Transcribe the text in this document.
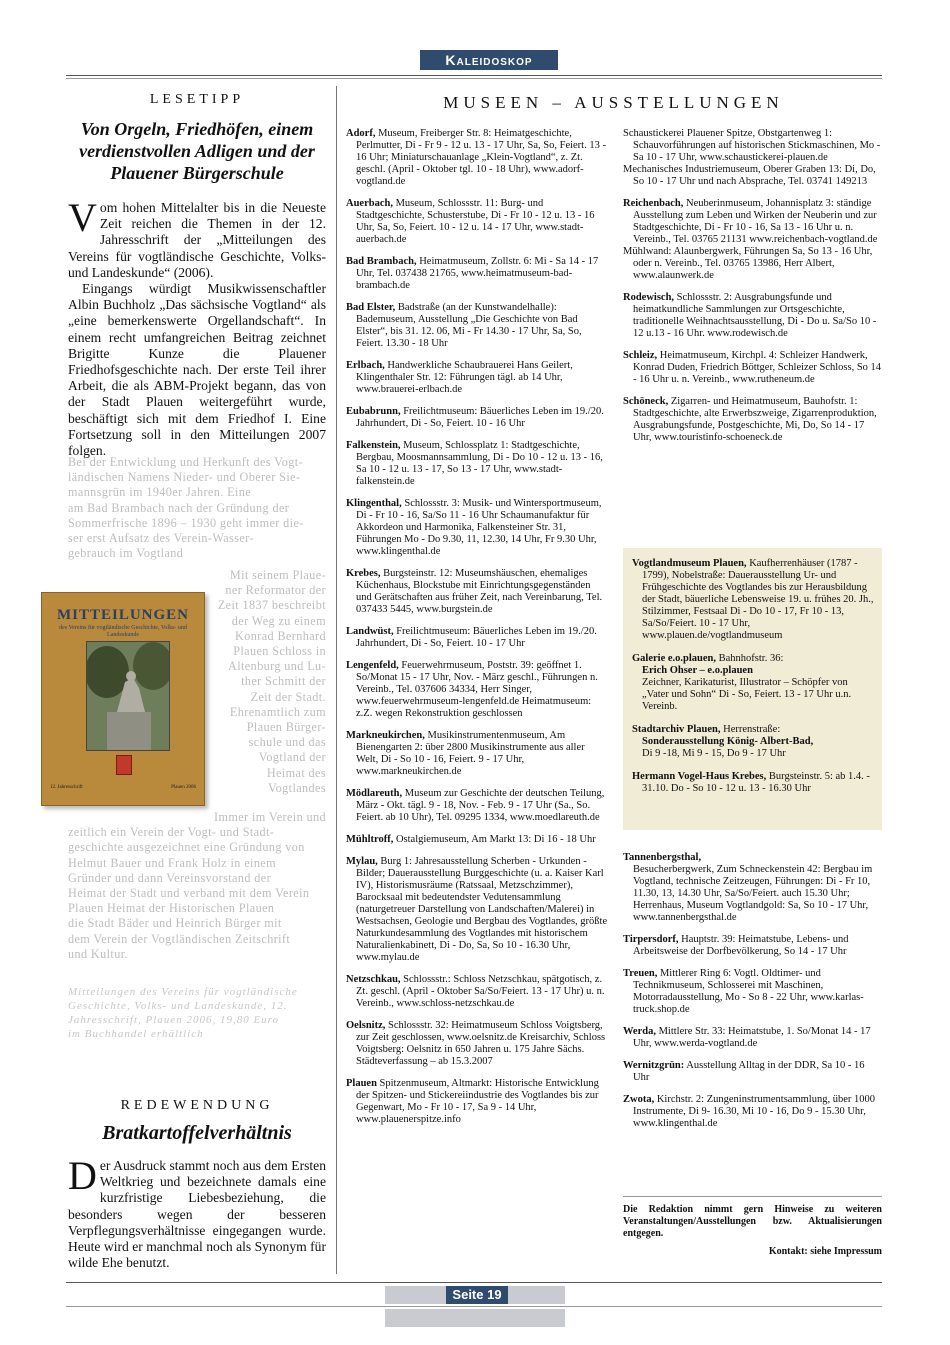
Kaleidoskop
LESETIPP
Von Orgeln, Friedhöfen, einem verdienstvollen Adligen und der Plauener Bürgerschule

Vom hohen Mittelalter bis in die Neueste Zeit reichen die Themen in der 12. Jahresschrift der „Mitteilungen des Vereins für vogtländische Geschichte, Volks- und Landeskunde“ (2006).

Eingangs würdigt Musikwissenschaftler Albin Buchholz „Das sächsische Vogtland“ als „eine bemerkenswerte Orgellandschaft“. In einem recht umfangreichen Beitrag zeichnet Brigitte Kunze die Plauener Friedhofsgeschichte nach. Der erste Teil ihrer Arbeit, die als ABM-Projekt begann, das von der Stadt Plauen weitergeführt wurde, beschäftigt sich mit dem Friedhof I. Eine Fortsetzung soll in den Mitteilungen 2007 folgen.

Bei der Entwicklung und Herkunft des Vogt-
ländischen Namens Nieder- und Oberer Sie-
mannsgrün im 1940er Jahren. Eine
am Bad Brambach nach der Gründung der
Sommerfrische 1896 – 1930 geht immer die-
ser erst Aufsatz des Verein-Wasser-
gebrauch im Vogtland
MITTEILUNGEN
des Vereins für vogtländische Geschichte, Volks- und Landeskunde
12. Jahresschrift	Plauen 2006
Mit seinem Plaue-
ner Reformator der
Zeit 1837 beschreibt
der Weg zu einem
Konrad Bernhard
Plauen Schloss in
Altenburg und Lu-
ther Schmitt der
Zeit der Stadt.
Ehrenamtlich zum
Plauen Bürger-
schule und das
Vogtland der
Heimat des
Vogtlandes
Immer im Verein und
zeitlich ein Verein der Vogt- und Stadt-
geschichte ausgezeichnet eine Gründung von
Helmut Bauer und Frank Holz in einem
Gründer und dann Vereinsvorstand der
Heimat der Stadt und verband mit dem Verein
Plauen Heimat der Historischen Plauen
die Stadt Bäder und Heinrich Bürger mit
dem Verein der Vogtländischen Zeitschrift
und Kultur.
Mitteilungen des Vereins für vogtländische
Geschichte, Volks- und Landeskunde, 12.
Jahresschrift, Plauen 2006, 19,80 Euro
im Buchhandel erhältlich
REDEWENDUNG
Bratkartoffelverhältnis

Der Ausdruck stammt noch aus dem Ersten Weltkrieg und bezeichnete damals eine kurzfristige Liebesbeziehung, die besonders wegen der besseren Verpflegungsverhältnisse eingegangen wurde. Heute wird er manchmal noch als Synonym für wilde Ehe benutzt.

MUSEEN – AUSSTELLUNGEN

Adorf, Museum, Freiberger Str. 8: Heimatgeschichte, Perlmutter, Di - Fr 9 - 12 u. 13 - 17 Uhr, Sa, So, Feiert. 13 - 16 Uhr; Miniaturschauanlage „Klein-Vogtland“, z. Zt. geschl. (April - Oktober tgl. 10 - 18 Uhr), www.adorf-vogtland.de

Auerbach, Museum, Schlossstr. 11: Burg- und Stadtgeschichte, Schusterstube, Di - Fr 10 - 12 u. 13 - 16 Uhr, Sa, So, Feiert. 10 - 12 u. 14 - 17 Uhr, www.stadt-auerbach.de

Bad Brambach, Heimatmuseum, Zollstr. 6: Mi - Sa 14 - 17 Uhr, Tel. 037438 21765, www.heimatmuseum-bad-brambach.de

Bad Elster, Badstraße (an der Kunstwandelhalle): Bademuseum, Ausstellung „Die Geschichte von Bad Elster“, bis 31. 12. 06, Mi - Fr 14.30 - 17 Uhr, Sa, So, Feiert. 13.30 - 18 Uhr

Erlbach, Handwerkliche Schaubrauerei Hans Geilert, Klingenthaler Str. 12: Führungen tägl. ab 14 Uhr, www.brauerei-erlbach.de

Eubabrunn, Freilichtmuseum: Bäuerliches Leben im 19./20. Jahrhundert, Di - So, Feiert. 10 - 16 Uhr

Falkenstein, Museum, Schlossplatz 1: Stadtgeschichte, Bergbau, Moosmannsammlung, Di - Do 10 - 12 u. 13 - 16, Sa 10 - 12 u. 13 - 17, So 13 - 17 Uhr, www.stadt-falkenstein.de

Klingenthal, Schlossstr. 3: Musik- und Wintersportmuseum, Di - Fr 10 - 16, Sa/So 11 - 16 Uhr Schaumanufaktur für Akkordeon und Harmonika, Falkensteiner Str. 31, Führungen Mo - Do 9.30, 11, 12.30, 14 Uhr, Fr 9.30 Uhr, www.klingenthal.de

Krebes, Burgsteinstr. 12: Museumshäuschen, ehemaliges Küchenhaus, Blockstube mit Einrichtungsgegenständen und Gerätschaften aus früher Zeit, nach Vereinbarung, Tel. 037433 5445, www.burgstein.de

Landwüst, Freilichtmuseum: Bäuerliches Leben im 19./20. Jahrhundert, Di - So, Feiert. 10 - 17 Uhr

Lengenfeld, Feuerwehrmuseum, Poststr. 39: geöffnet 1. So/Monat 15 - 17 Uhr, Nov. - März geschl., Führungen n. Vereinb., Tel. 037606 34334, Herr Singer, www.feuerwehrmuseum-lengenfeld.de Heimatmuseum: z.Z. wegen Rekonstruktion geschlossen

Markneukirchen, Musikinstrumentenmuseum, Am Bienengarten 2: über 2800 Musikinstrumente aus aller Welt, Di - So 10 - 16, Feiert. 9 - 17 Uhr, www.markneukirchen.de

Mödlareuth, Museum zur Geschichte der deutschen Teilung, März - Okt. tägl. 9 - 18, Nov. - Feb. 9 - 17 Uhr (Sa., So. Feiert. ab 10 Uhr), Tel. 09295 1334, www.moedlareuth.de

Mühltroff, Ostalgiemuseum, Am Markt 13: Di 16 - 18 Uhr

Mylau, Burg 1: Jahresausstellung Scherben - Urkunden - Bilder; Dauerausstellung Burggeschichte (u. a. Kaiser Karl IV), Historismusräume (Ratssaal, Metzschzimmer), Barocksaal mit bedeutendster Vedutensammlung (naturgetreuer Darstellung von Landschaften/Malerei) in Westsachsen, Geologie und Bergbau des Vogtlandes, größte Naturkundesammlung des Vogtlandes mit historischem Naturalienkabinett, Di - Do, Sa, So 10 - 16.30 Uhr, www.mylau.de

Netzschkau, Schlossstr.: Schloss Netzschkau, spätgotisch, z. Zt. geschl. (April - Oktober Sa/So/Feiert. 13 - 17 Uhr) u. n. Vereinb., www.schloss-netzschkau.de

Oelsnitz, Schlossstr. 32: Heimatmuseum Schloss Voigtsberg, zur Zeit geschlossen, www.oelsnitz.de Kreisarchiv, Schloss Voigtsberg: Oelsnitz in 650 Jahren u. 175 Jahre Sächs. Städteverfassung – ab 15.3.2007

Plauen Spitzenmuseum, Altmarkt: Historische Entwicklung der Spitzen- und Stickereiindustrie des Vogtlandes bis zur Gegenwart, Mo - Fr 10 - 17, Sa 9 - 14 Uhr, www.plauenerspitze.info

Schaustickerei Plauener Spitze, Obstgartenweg 1: Schauvorführungen auf historischen Stickmaschinen, Mo - Sa 10 - 17 Uhr, www.schaustickerei-plauen.de

Mechanisches Industriemuseum, Oberer Graben 13: Di, Do, So 10 - 17 Uhr und nach Absprache, Tel. 03741 149213

Reichenbach, Neuberinmuseum, Johannisplatz 3: ständige Ausstellung zum Leben und Wirken der Neuberin und zur Stadtgeschichte, Di - Fr 10 - 16, Sa 13 - 16 Uhr u. n. Vereinb., Tel. 03765 21131 www.reichenbach-vogtland.de

Mühlwand: Alaunbergwerk, Führungen Sa, So 13 - 16 Uhr, oder n. Vereinb., Tel. 03765 13986, Herr Albert, www.alaunwerk.de

Rodewisch, Schlossstr. 2: Ausgrabungsfunde und heimatkundliche Sammlungen zur Ortsgeschichte, traditionelle Weihnachtsausstellung, Di - Do u. Sa/So 10 - 12 u.13 - 16 Uhr. www.rodewisch.de

Schleiz, Heimatmuseum, Kirchpl. 4: Schleizer Handwerk, Konrad Duden, Friedrich Böttger, Schleizer Schloss, So 14 - 16 Uhr u. n. Vereinb., www.rutheneum.de

Schöneck, Zigarren- und Heimatmuseum, Bauhofstr. 1: Stadtgeschichte, alte Erwerbszweige, Zigarrenproduktion, Ausgrabungsfunde, Postgeschichte, Mi, Do, So 14 - 17 Uhr, www.touristinfo-schoeneck.de

Vogtlandmuseum Plauen, Kaufherrenhäuser (1787 - 1799), Nobelstraße: Dauerausstellung Ur- und Frühgeschichte des Vogtlandes bis zur Herausbildung der Stadt, bäuerliche Lebensweise 19. u. frühes 20. Jh., Stilzimmer, Festsaal Di - Do 10 - 17, Fr 10 - 13, Sa/So/Feiert. 10 - 17 Uhr, www.plauen.de/vogtlandmuseum

Galerie e.o.plauen, Bahnhofstr. 36:

Erich Ohser – e.o.plauen
Zeichner, Karikaturist, Illustrator – Schöpfer von „Vater und Sohn“ Di - So, Feiert. 13 - 17 Uhr u.n. Vereinb.

Stadtarchiv Plauen, Herrenstraße:

Sonderausstellung König- Albert-Bad,
Di 9 -18, Mi 9 - 15, Do 9 - 17 Uhr

Hermann Vogel-Haus Krebes, Burgsteinstr. 5: ab 1.4. - 31.10. Do - So 10 - 12 u. 13 - 16.30 Uhr

Tannenbergsthal,
Besucherbergwerk, Zum Schneckenstein 42: Bergbau im Vogtland, technische Zeitzeugen, Führungen: Di - Fr 10, 11.30, 13, 14.30 Uhr, Sa/So/Feiert. auch 15.30 Uhr; Herrenhaus, Museum Vogtlandgold: Sa, So 10 - 17 Uhr, www.tannenbergsthal.de

Tirpersdorf, Hauptstr. 39: Heimatstube, Lebens- und Arbeitsweise der Dorfbevölkerung, So 14 - 17 Uhr

Treuen, Mittlerer Ring 6: Vogtl. Oldtimer- und Technikmuseum, Schlosserei mit Maschinen, Motorradausstellung, Mo - So 8 - 22 Uhr, www.karlas-truck.shop.de

Werda, Mittlere Str. 33: Heimatstube, 1. So/Monat 14 - 17 Uhr, www.werda-vogtland.de

Wernitzgrün: Ausstellung Alltag in der DDR, Sa 10 - 16 Uhr

Zwota, Kirchstr. 2: Zungeninstrumentsammlung, über 1000 Instrumente, Di 9- 16.30, Mi 10 - 16, Do 9 - 15.30 Uhr, www.klingenthal.de

Die Redaktion nimmt gern Hinweise zu weiteren Veranstaltungen/Ausstellungen bzw. Aktualisierungen entgegen.
Kontakt: siehe Impressum
Seite 19
